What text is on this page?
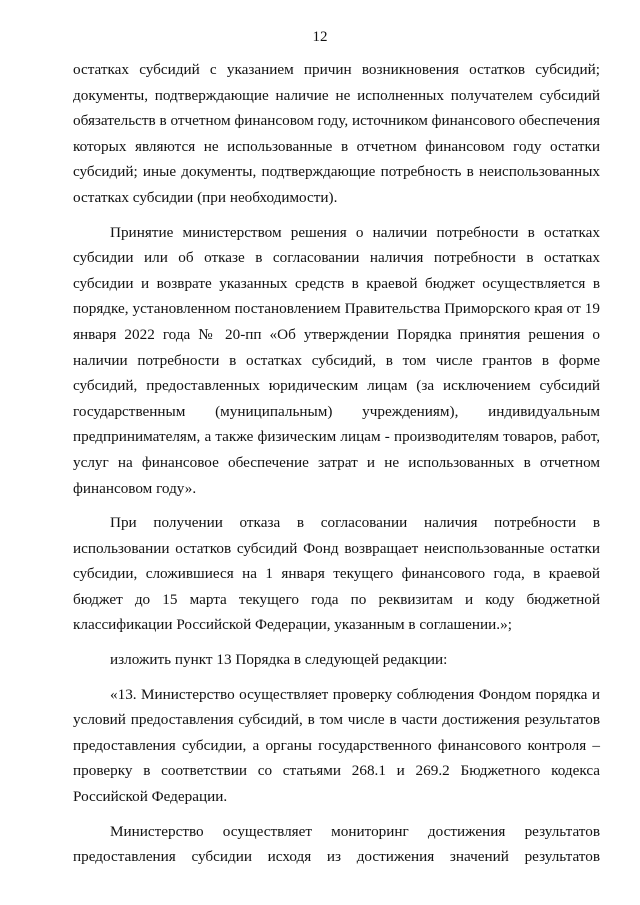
12

остатках субсидий с указанием причин возникновения остатков субсидий; документы, подтверждающие наличие не исполненных получателем субсидий обязательств в отчетном финансовом году, источником финансового обеспечения которых являются не использованные в отчетном финансовом году остатки субсидий; иные документы, подтверждающие потребность в неиспользованных остатках субсидии (при необходимости).

Принятие министерством решения о наличии потребности в остатках субсидии или об отказе в согласовании наличия потребности в остатках субсидии и возврате указанных средств в краевой бюджет осуществляется в порядке, установленном постановлением Правительства Приморского края от 19 января 2022 года № 20-пп «Об утверждении Порядка принятия решения о наличии потребности в остатках субсидий, в том числе грантов в форме субсидий, предоставленных юридическим лицам (за исключением субсидий государственным (муниципальным) учреждениям), индивидуальным предпринимателям, а также физическим лицам - производителям товаров, работ, услуг на финансовое обеспечение затрат и не использованных в отчетном финансовом году».

При получении отказа в согласовании наличия потребности в использовании остатков субсидий Фонд возвращает неиспользованные остатки субсидии, сложившиеся на 1 января текущего финансового года, в краевой бюджет до 15 марта текущего года по реквизитам и коду бюджетной классификации Российской Федерации, указанным в соглашении.»;

изложить пункт 13 Порядка в следующей редакции:

«13. Министерство осуществляет проверку соблюдения Фондом порядка и условий предоставления субсидий, в том числе в части достижения результатов предоставления субсидии, а органы государственного финансового контроля – проверку в соответствии со статьями 268.1 и 269.2 Бюджетного кодекса Российской Федерации.

Министерство осуществляет мониторинг достижения результатов предоставления субсидии исходя из достижения значений результатов
